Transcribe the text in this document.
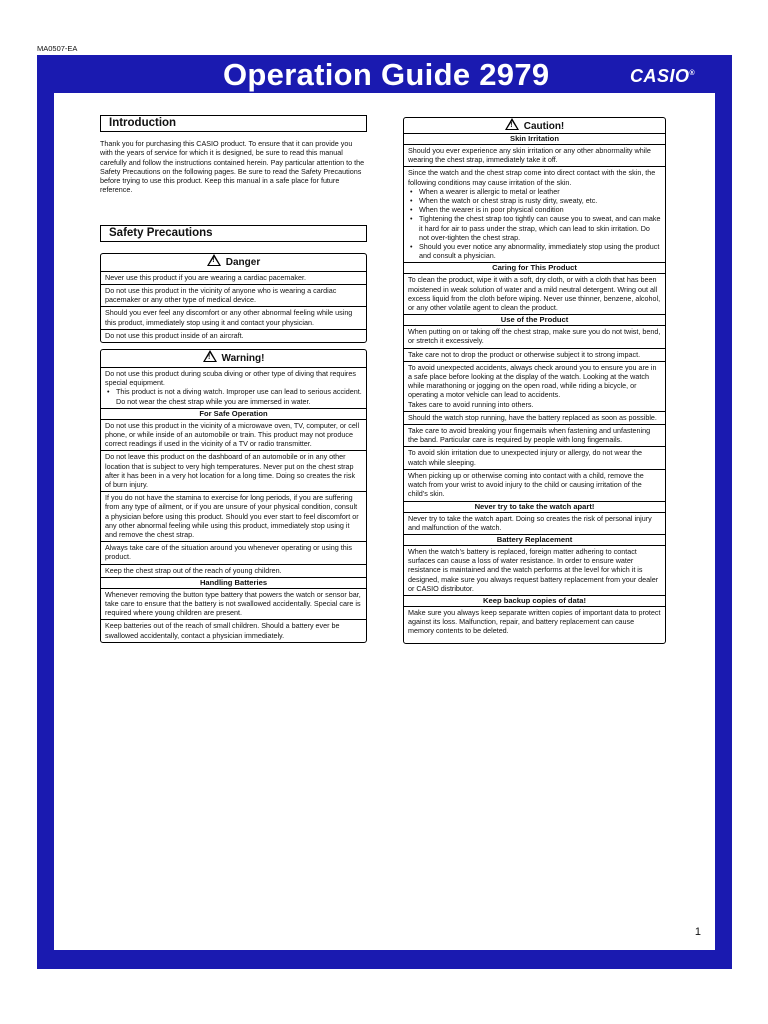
MA0507-EA
Operation Guide 2979	CASIO®
Introduction
Thank you for purchasing this CASIO product. To ensure that it can provide you with the years of service for which it is designed, be sure to read this manual carefully and follow the instructions contained herein. Pay particular attention to the Safety Precautions on the following pages. Be sure to read the Safety Precautions before trying to use this product. Keep this manual in a safe place for future reference.
Safety Precautions
!Danger
Never use this product if you are wearing a cardiac pacemaker.
Do not use this product in the vicinity of anyone who is wearing a cardiac pacemaker or any other type of medical device.
Should you ever feel any discomfort or any other abnormal feeling while using this product, immediately stop using it and contact your physician.
Do not use this product inside of an aircraft.
!Warning!
Do not use this product during scuba diving or other type of diving that requires special equipment.
• This product is not a diving watch. Improper use can lead to serious accident. Do not wear the chest strap while you are immersed in water.
For Safe Operation
Do not use this product in the vicinity of a microwave oven, TV, computer, or cell phone, or while inside of an automobile or train. This product may not produce correct readings if used in the vicinity of a TV or radio transmitter.
Do not leave this product on the dashboard of an automobile or in any other location that is subject to very high temperatures. Never put on the chest strap after it has been in a very hot location for a long time. Doing so creates the risk of burn injury.
If you do not have the stamina to exercise for long periods, if you are suffering from any type of ailment, or if you are unsure of your physical condition, consult a physician before using this product. Should you ever start to feel discomfort or any other abnormal feeling while using this product, immediately stop using it and remove the chest strap.
Always take care of the situation around you whenever operating or using this product.
Keep the chest strap out of the reach of young children.
Handling Batteries
Whenever removing the button type battery that powers the watch or sensor bar, take care to ensure that the battery is not swallowed accidentally. Special care is required where young children are present.
Keep batteries out of the reach of small children. Should a battery ever be swallowed accidentally, contact a physician immediately.
!Caution!
Skin Irritation
Should you ever experience any skin irritation or any other abnormality while wearing the chest strap, immediately take it off.
Since the watch and the chest strap come into direct contact with the skin, the following conditions may cause irritation of the skin.
• When a wearer is allergic to metal or leather
• When the watch or chest strap is rusty dirty, sweaty, etc.
• When the wearer is in poor physical condition
• Tightening the chest strap too tightly can cause you to sweat, and can make it hard for air to pass under the strap, which can lead to skin irritation. Do not over-tighten the chest strap.
• Should you ever notice any abnormality, immediately stop using the product and consult a physician.
Caring for This Product
To clean the product, wipe it with a soft, dry cloth, or with a cloth that has been moistened in weak solution of water and a mild neutral detergent. Wring out all excess liquid from the cloth before wiping. Never use thinner, benzene, alcohol, or any other volatile agent to clean the product.
Use of the Product
When putting on or taking off the chest strap, make sure you do not twist, bend, or stretch it excessively.
Take care not to drop the product or otherwise subject it to strong impact.
To avoid unexpected accidents, always check around you to ensure you are in a safe place before looking at the display of the watch. Looking at the watch while marathoning or jogging on the open road, while riding a bicycle, or operating a motor vehicle can lead to accidents.
Takes care to avoid running into others.
Should the watch stop running, have the battery replaced as soon as possible.
Take care to avoid breaking your fingernails when fastening and unfastening the band. Particular care is required by people with long fingernails.
To avoid skin irritation due to unexpected injury or allergy, do not wear the watch while sleeping.
When picking up or otherwise coming into contact with a child, remove the watch from your wrist to avoid injury to the child or causing irritation of the child’s skin.
Never try to take the watch apart!
Never try to take the watch apart. Doing so creates the risk of personal injury and malfunction of the watch.
Battery Replacement
When the watch’s battery is replaced, foreign matter adhering to contact surfaces can cause a loss of water resistance. In order to ensure water resistance is maintained and the watch performs at the level for which it is designed, make sure you always request battery replacement from your dealer or CASIO distributor.
Keep backup copies of data!
Make sure you always keep separate written copies of important data to protect against its loss. Malfunction, repair, and battery replacement can cause memory contents to be deleted.
1
